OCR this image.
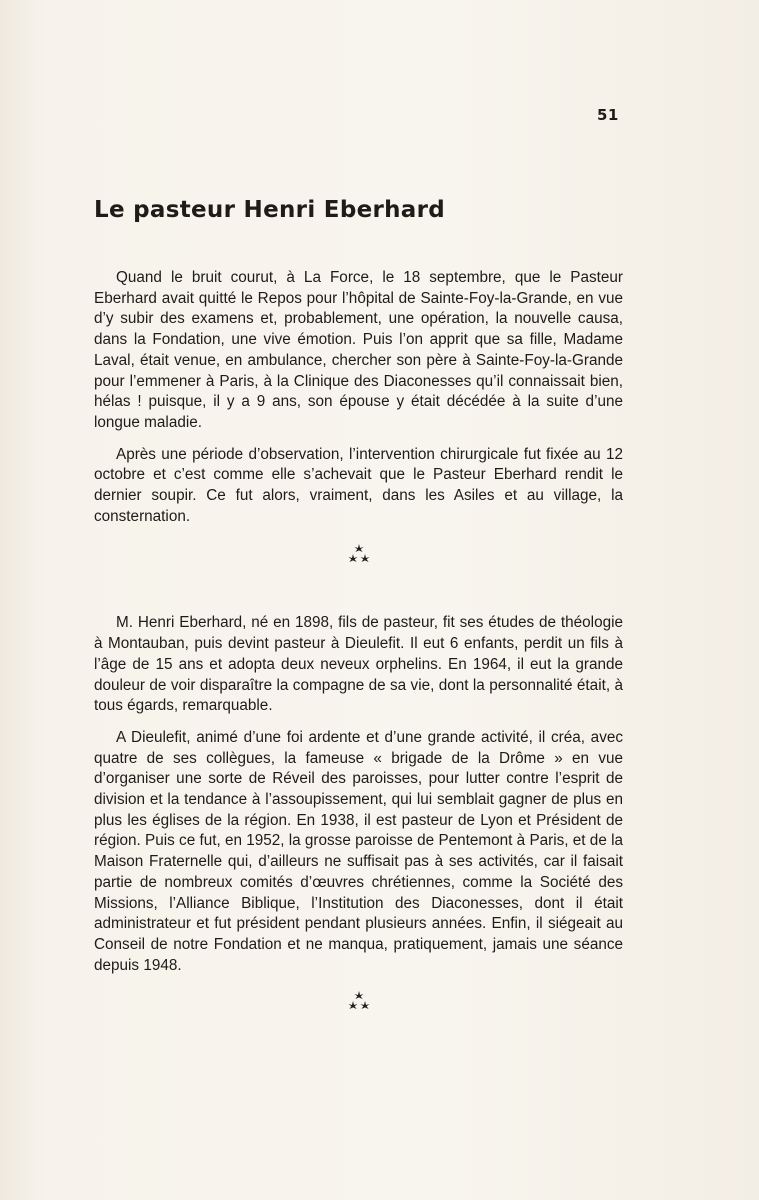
51
Le pasteur Henri Eberhard

Quand le bruit courut, à La Force, le 18 septembre, que le Pasteur Eberhard avait quitté le Repos pour l’hôpital de Sainte-Foy-la-Grande, en vue d’y subir des examens et, probablement, une opération, la nouvelle causa, dans la Fondation, une vive émotion. Puis l’on apprit que sa fille, Madame Laval, était venue, en ambulance, chercher son père à Sainte-Foy-la-Grande pour l’emmener à Paris, à la Clinique des Diaconesses qu’il connaissait bien, hélas ! puisque, il y a 9 ans, son épouse y était décédée à la suite d’une longue maladie.

Après une période d’observation, l’intervention chirurgicale fut fixée au 12 octobre et c’est comme elle s’achevait que le Pasteur Eberhard rendit le dernier soupir. Ce fut alors, vraiment, dans les Asiles et au village, la consternation.

M. Henri Eberhard, né en 1898, fils de pasteur, fit ses études de théologie à Montauban, puis devint pasteur à Dieulefit. Il eut 6 enfants, perdit un fils à l’âge de 15 ans et adopta deux neveux orphelins. En 1964, il eut la grande douleur de voir disparaître la compagne de sa vie, dont la personnalité était, à tous égards, remarquable.

A Dieulefit, animé d’une foi ardente et d’une grande activité, il créa, avec quatre de ses collègues, la fameuse « brigade de la Drôme » en vue d’organiser une sorte de Réveil des paroisses, pour lutter contre l’esprit de division et la tendance à l’assoupissement, qui lui semblait gagner de plus en plus les églises de la région. En 1938, il est pasteur de Lyon et Président de région. Puis ce fut, en 1952, la grosse paroisse de Pentemont à Paris, et de la Maison Fraternelle qui, d’ailleurs ne suffisait pas à ses activités, car il faisait partie de nombreux comités d’œuvres chrétiennes, comme la Société des Missions, l’Alliance Biblique, l’Institution des Diaconesses, dont il était administrateur et fut président pendant plusieurs années. Enfin, il siégeait au Conseil de notre Fondation et ne manqua, pratiquement, jamais une séance depuis 1948.
